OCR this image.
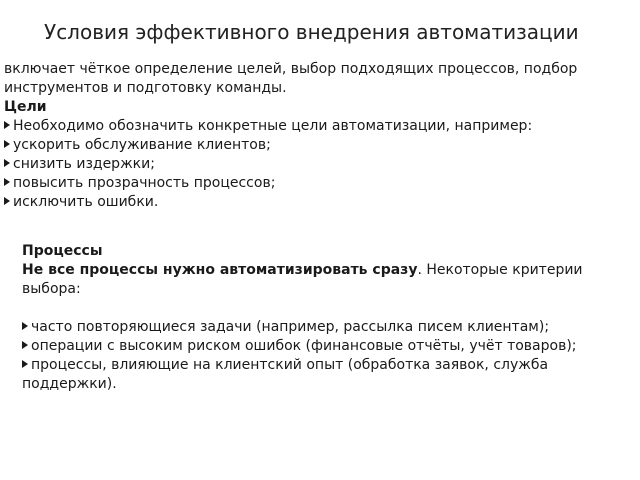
Условия эффективного внедрения автоматизации

включает чёткое определение целей, выбор подходящих процессов, подбор инструментов и подготовку команды.

Цели

Необходимо обозначить конкретные цели автоматизации, например:
ускорить обслуживание клиентов;
снизить издержки;
повысить прозрачность процессов;
исключить ошибки.

Процессы

Не все процессы нужно автоматизировать сразу. Некоторые критерии выбора:

часто повторяющиеся задачи (например, рассылка писем клиентам);
операции с высоким риском ошибок (финансовые отчёты, учёт товаров);
процессы, влияющие на клиентский опыт (обработка заявок, служба поддержки).
